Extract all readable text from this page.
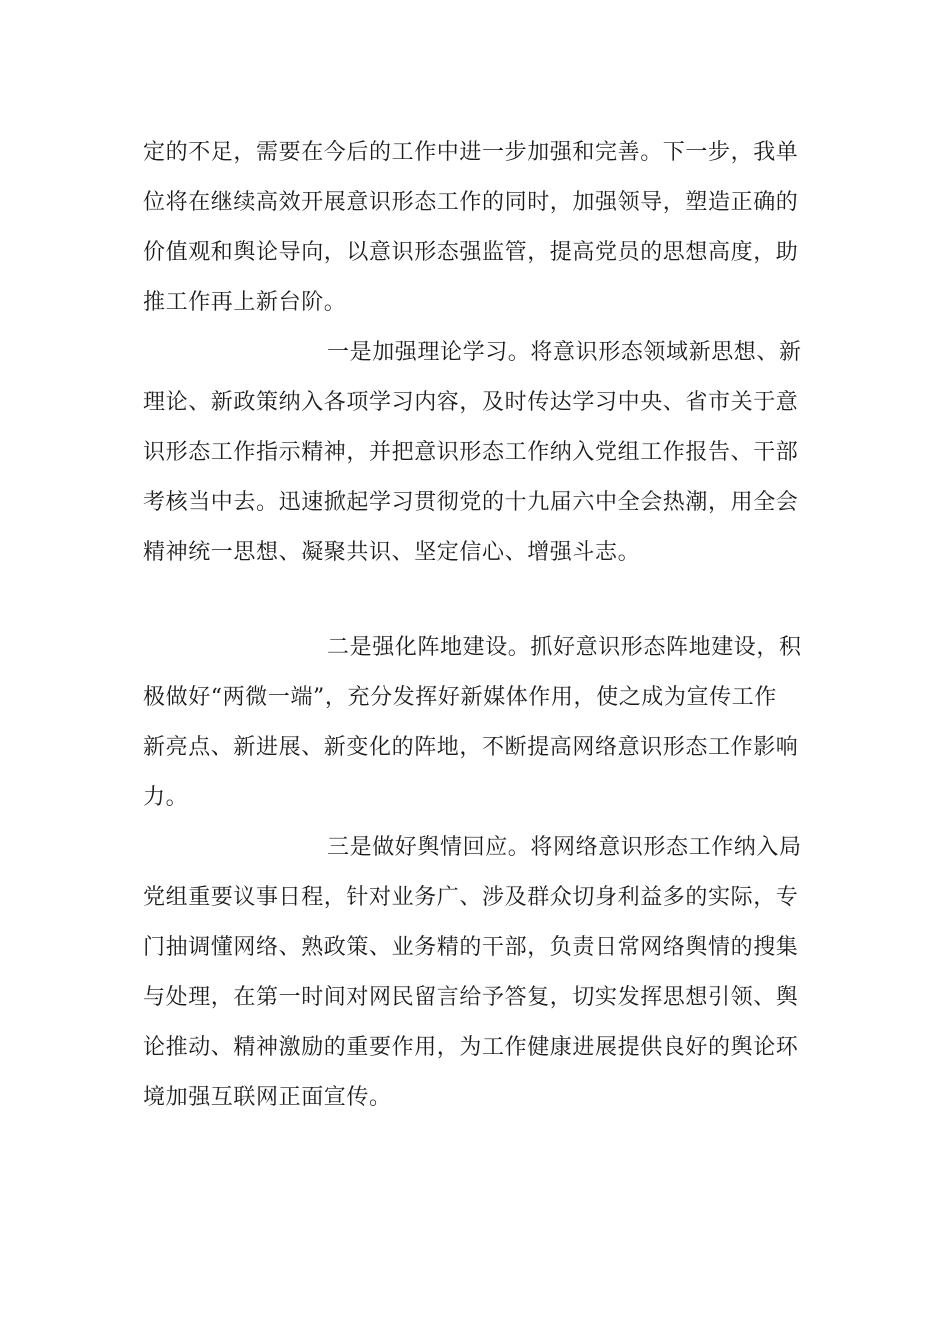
定的不足，需要在今后的工作中进一步加强和完善。下一步，我单
位将在继续高效开展意识形态工作的同时，加强领导，塑造正确的
价值观和舆论导向，以意识形态强监管，提高党员的思想高度，助
推工作再上新台阶。
一是加强理论学习。将意识形态领域新思想、新
理论、新政策纳入各项学习内容，及时传达学习中央、省市关于意
识形态工作指示精神，并把意识形态工作纳入党组工作报告、干部
考核当中去。迅速掀起学习贯彻党的十九届六中全会热潮，用全会
精神统一思想、凝聚共识、坚定信心、增强斗志。
二是强化阵地建设。抓好意识形态阵地建设，积
极做好“两微一端”，充分发挥好新媒体作用，使之成为宣传工作
新亮点、新进展、新变化的阵地，不断提高网络意识形态工作影响
力。
三是做好舆情回应。将网络意识形态工作纳入局
党组重要议事日程，针对业务广、涉及群众切身利益多的实际，专
门抽调懂网络、熟政策、业务精的干部，负责日常网络舆情的搜集
与处理，在第一时间对网民留言给予答复，切实发挥思想引领、舆
论推动、精神激励的重要作用，为工作健康进展提供良好的舆论环
境加强互联网正面宣传。
